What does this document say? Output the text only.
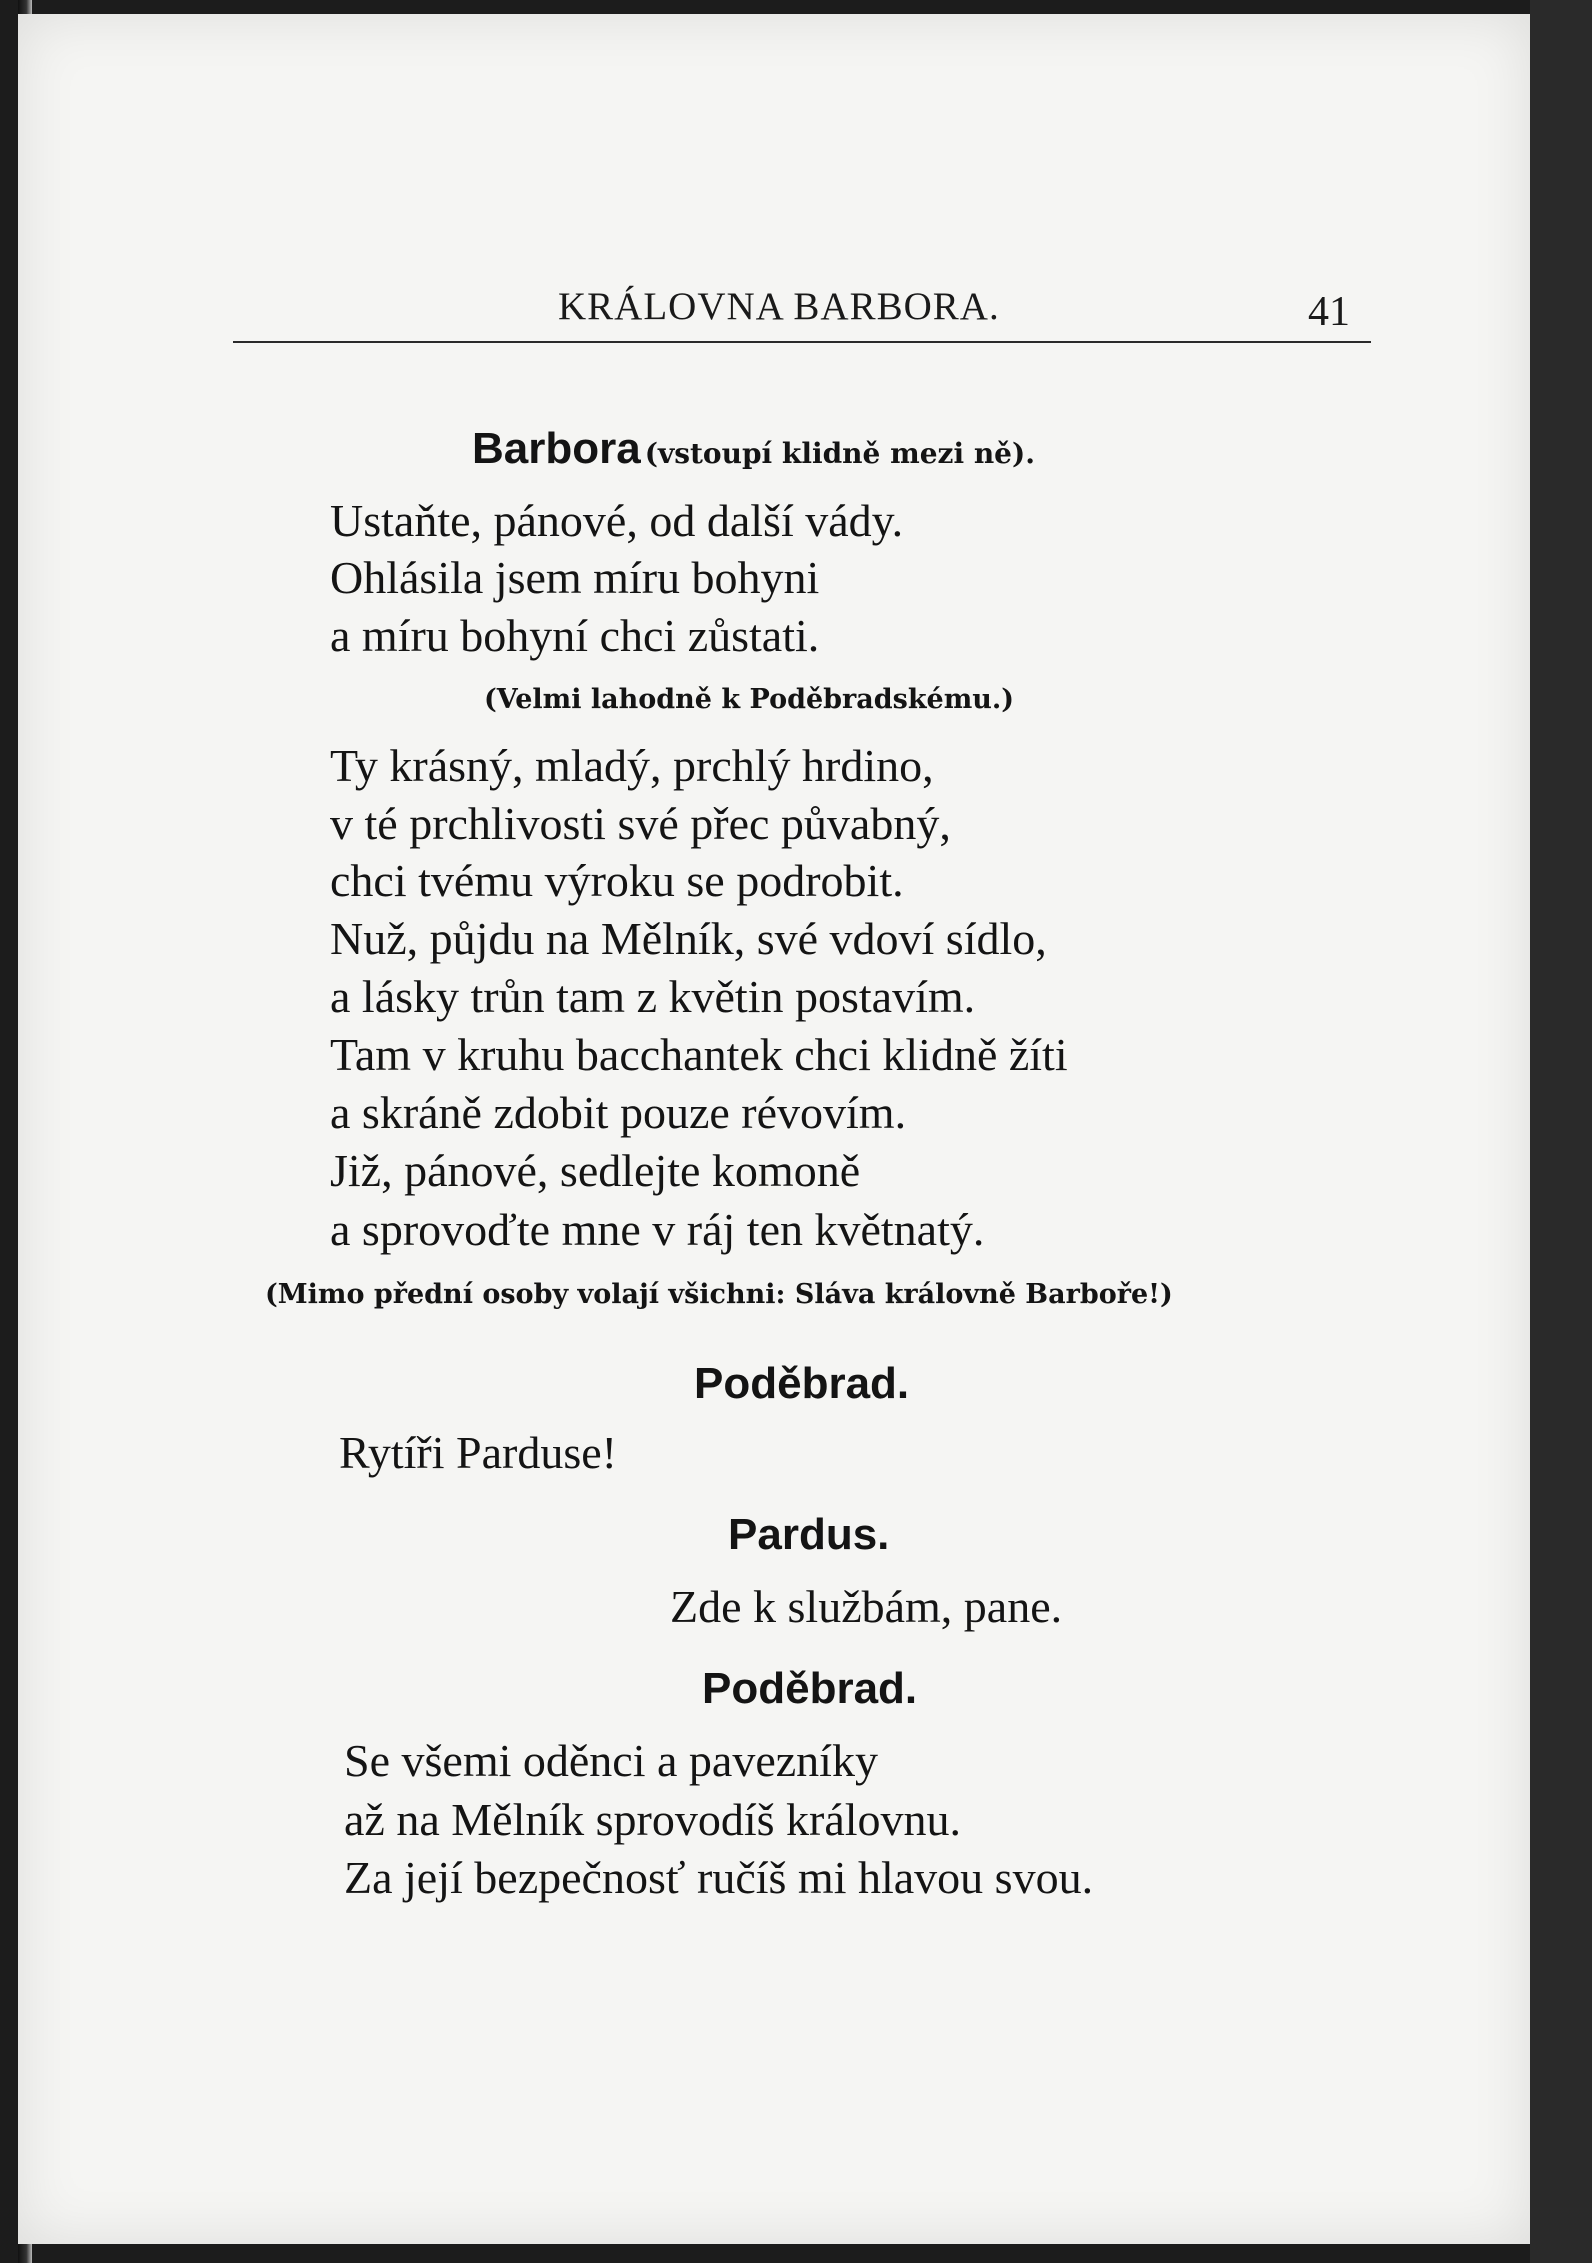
KRÁLOVNA BARBORA.	41
Barbora (vstoupí klidně mezi ně).
Ustaňte, pánové, od další vády.
Ohlásila jsem míru bohyni
a míru bohyní chci zůstati.
(Velmi lahodně k Poděbradskému.)
Ty krásný, mladý, prchlý hrdino,
v té prchlivosti své přec půvabný,
chci tvému výroku se podrobit.
Nuž, půjdu na Mělník, své vdoví sídlo,
a lásky trůn tam z květin postavím.
Tam v kruhu bacchantek chci klidně žíti
a skráně zdobit pouze révovím.
Již, pánové, sedlejte komoně
a sprovoďte mne v ráj ten květnatý.
(Mimo přední osoby volají všichni: Sláva královně Barboře!)
Poděbrad.
Rytíři Parduse!
Pardus.
Zde k službám, pane.
Poděbrad.
Se všemi oděnci a pavezníky
až na Mělník sprovodíš královnu.
Za její bezpečnosť ručíš mi hlavou svou.
